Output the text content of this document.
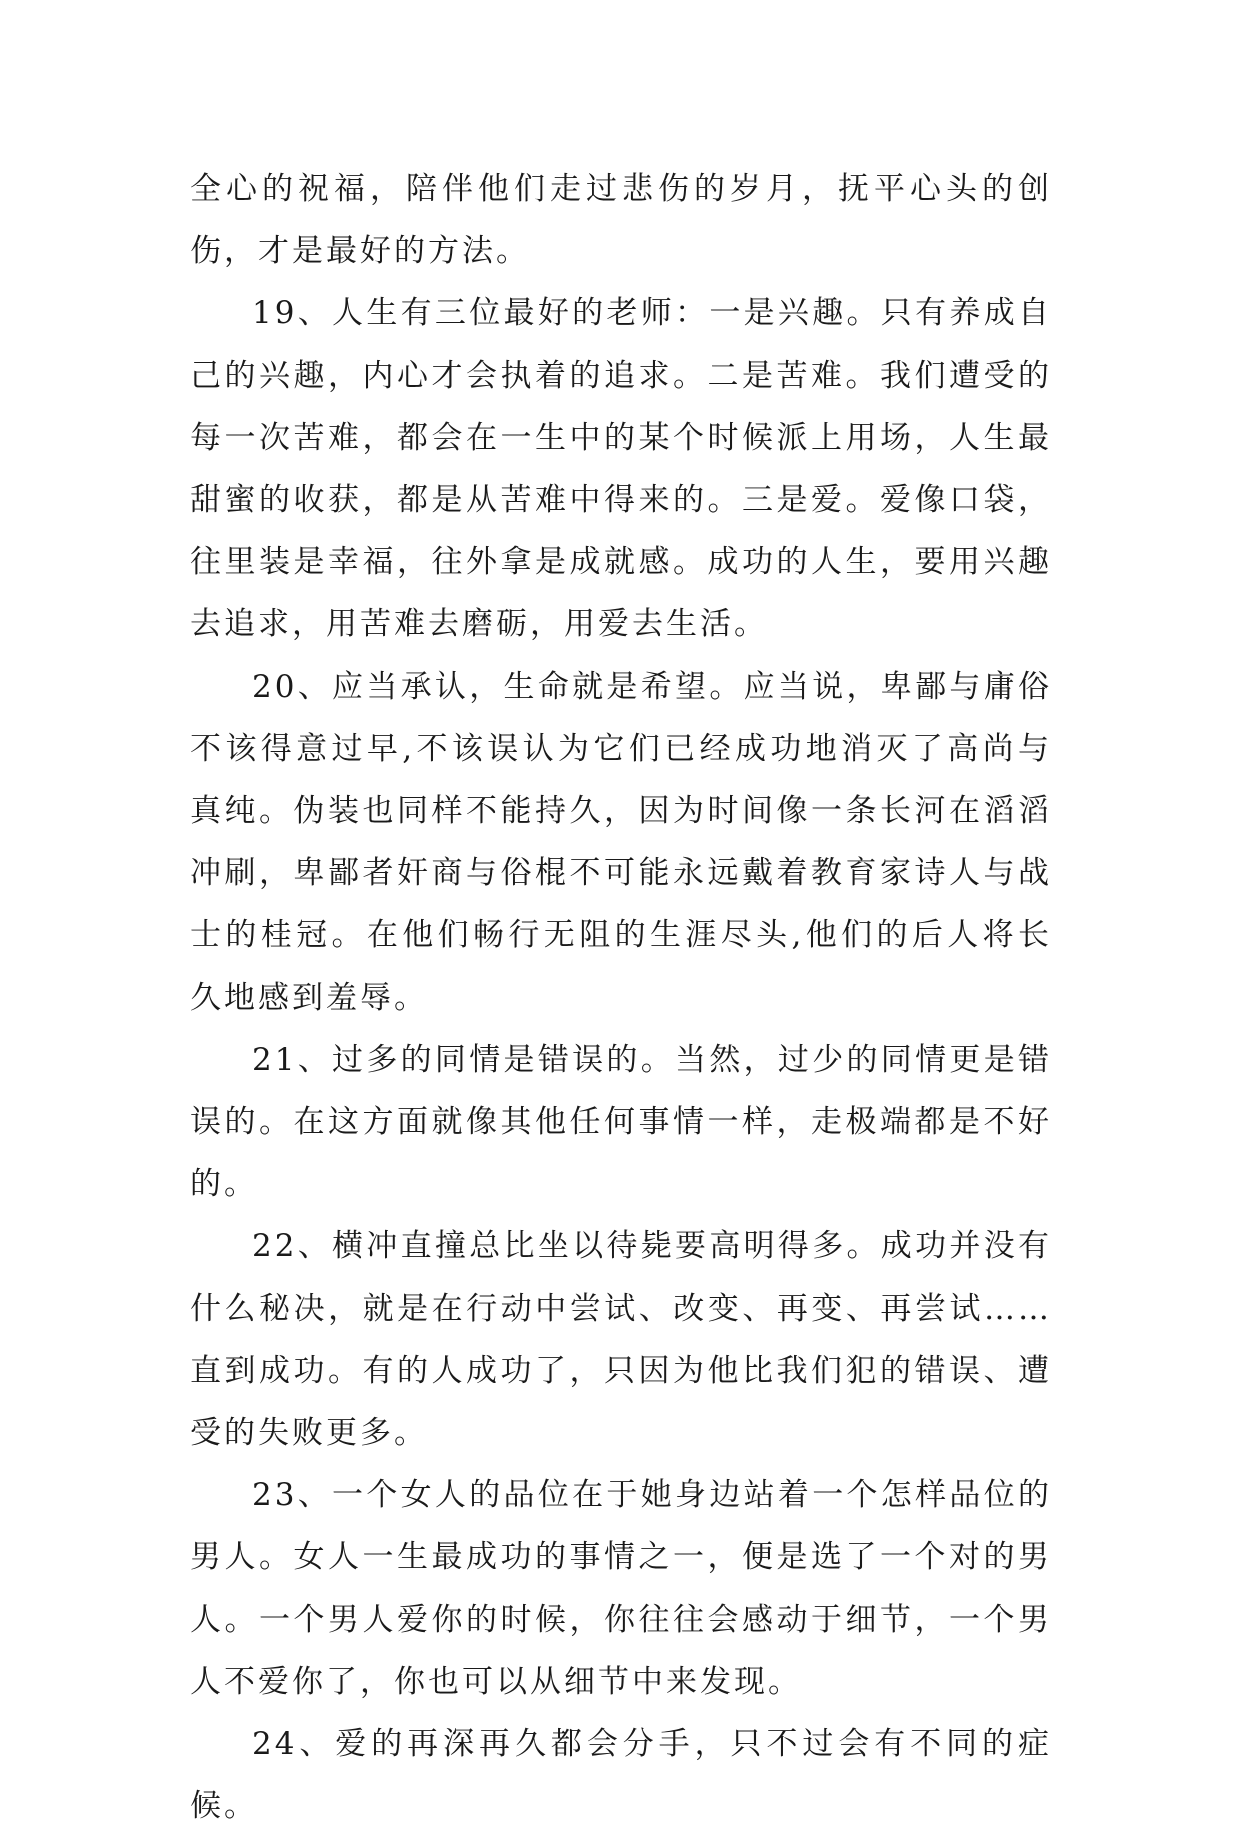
全心的祝福，陪伴他们走过悲伤的岁月，抚平心头的创 伤，才是最好的方法。

19、人生有三位最好的老师：一是兴趣。只有养成自己的兴趣，内心才会执着的追求。二是苦难。我们遭受的每一次苦难，都会在一生中的某个时候派上用场，人生最甜蜜的收获，都是从苦难中得来的。三是爱。爱像口袋，往里装是幸福，往外拿是成就感。成功的人生，要用兴趣去追求，用苦难去磨砺，用爱去生活。

20、应当承认，生命就是希望。应当说，卑鄙与庸俗不该得意过早,不该误认为它们已经成功地消灭了高尚与真纯。伪装也同样不能持久，因为时间像一条长河在滔滔冲刷，卑鄙者奸商与俗棍不可能永远戴着教育家诗人与战士的桂冠。在他们畅行无阻的生涯尽头,他们的后人将长久地感到羞辱。

21、过多的同情是错误的。当然，过少的同情更是错误的。在这方面就像其他任何事情一样，走极端都是不好的。

22、横冲直撞总比坐以待毙要高明得多。成功并没有什么秘决，就是在行动中尝试、改变、再变、再尝试……直到成功。有的人成功了，只因为他比我们犯的错误、遭受的失败更多。

23、一个女人的品位在于她身边站着一个怎样品位的男人。女人一生最成功的事情之一，便是选了一个对的男人。一个男人爱你的时候，你往往会感动于细节，一个男人不爱你了，你也可以从细节中来发现。

24、爱的再深再久都会分手，只不过会有不同的症候。
